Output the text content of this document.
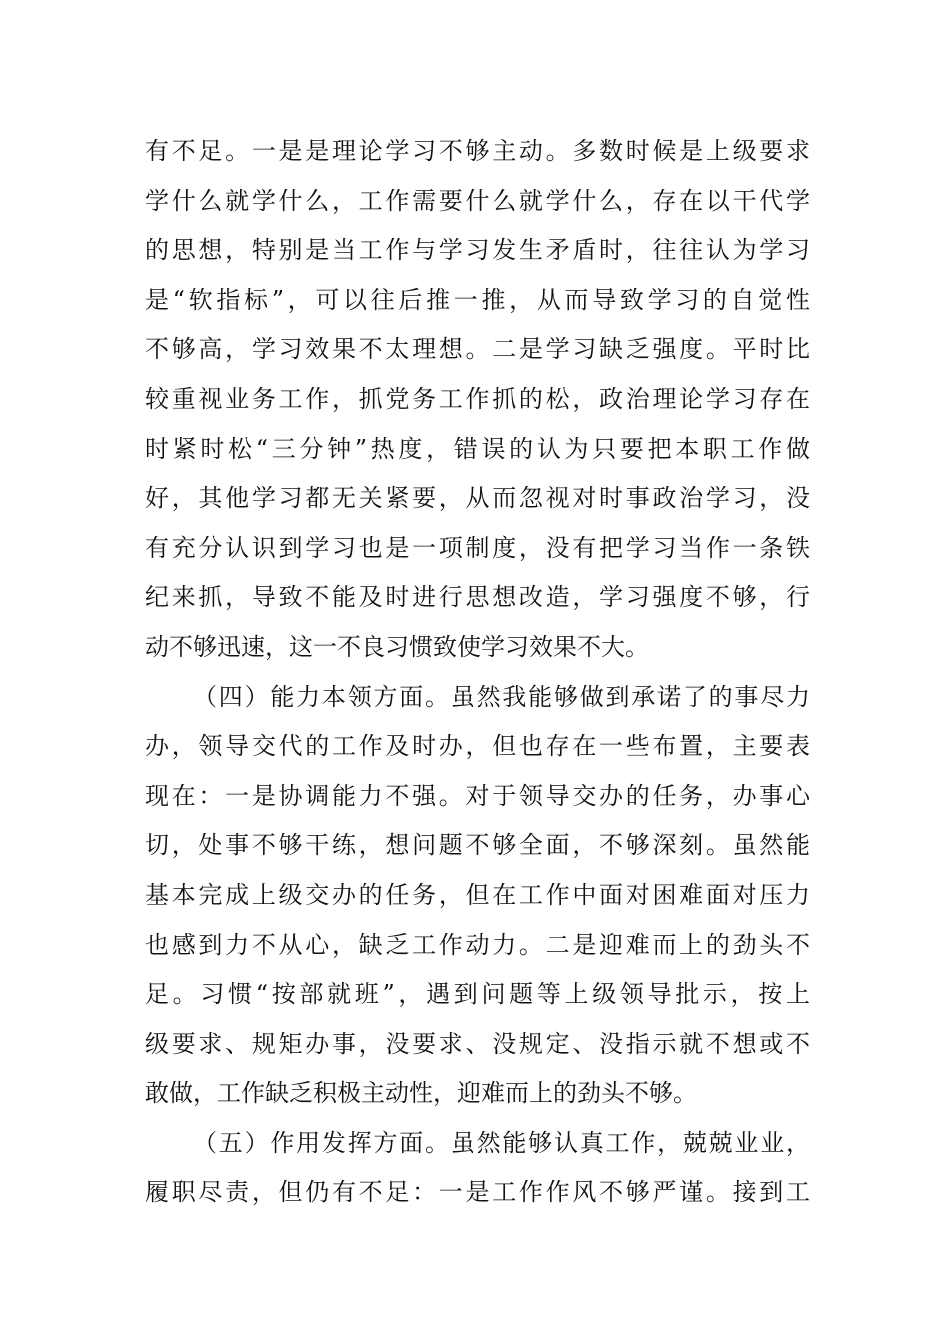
有不足。一是是理论学习不够主动。多数时候是上级要求
学什么就学什么，工作需要什么就学什么，存在以干代学
的思想，特别是当工作与学习发生矛盾时，往往认为学习
是“软指标”，可以往后推一推，从而导致学习的自觉性
不够高，学习效果不太理想。二是学习缺乏强度。平时比
较重视业务工作，抓党务工作抓的松，政治理论学习存在
时紧时松“三分钟”热度，错误的认为只要把本职工作做
好，其他学习都无关紧要，从而忽视对时事政治学习，没
有充分认识到学习也是一项制度，没有把学习当作一条铁
纪来抓，导致不能及时进行思想改造，学习强度不够，行
动不够迅速，这一不良习惯致使学习效果不大。
（四）能力本领方面。虽然我能够做到承诺了的事尽力
办，领导交代的工作及时办，但也存在一些布置，主要表
现在：一是协调能力不强。对于领导交办的任务，办事心
切，处事不够干练，想问题不够全面，不够深刻。虽然能
基本完成上级交办的任务，但在工作中面对困难面对压力
也感到力不从心，缺乏工作动力。二是迎难而上的劲头不
足。习惯“按部就班”，遇到问题等上级领导批示，按上
级要求、规矩办事，没要求、没规定、没指示就不想或不
敢做，工作缺乏积极主动性，迎难而上的劲头不够。
（五）作用发挥方面。虽然能够认真工作，兢兢业业，
履职尽责，但仍有不足：一是工作作风不够严谨。接到工
